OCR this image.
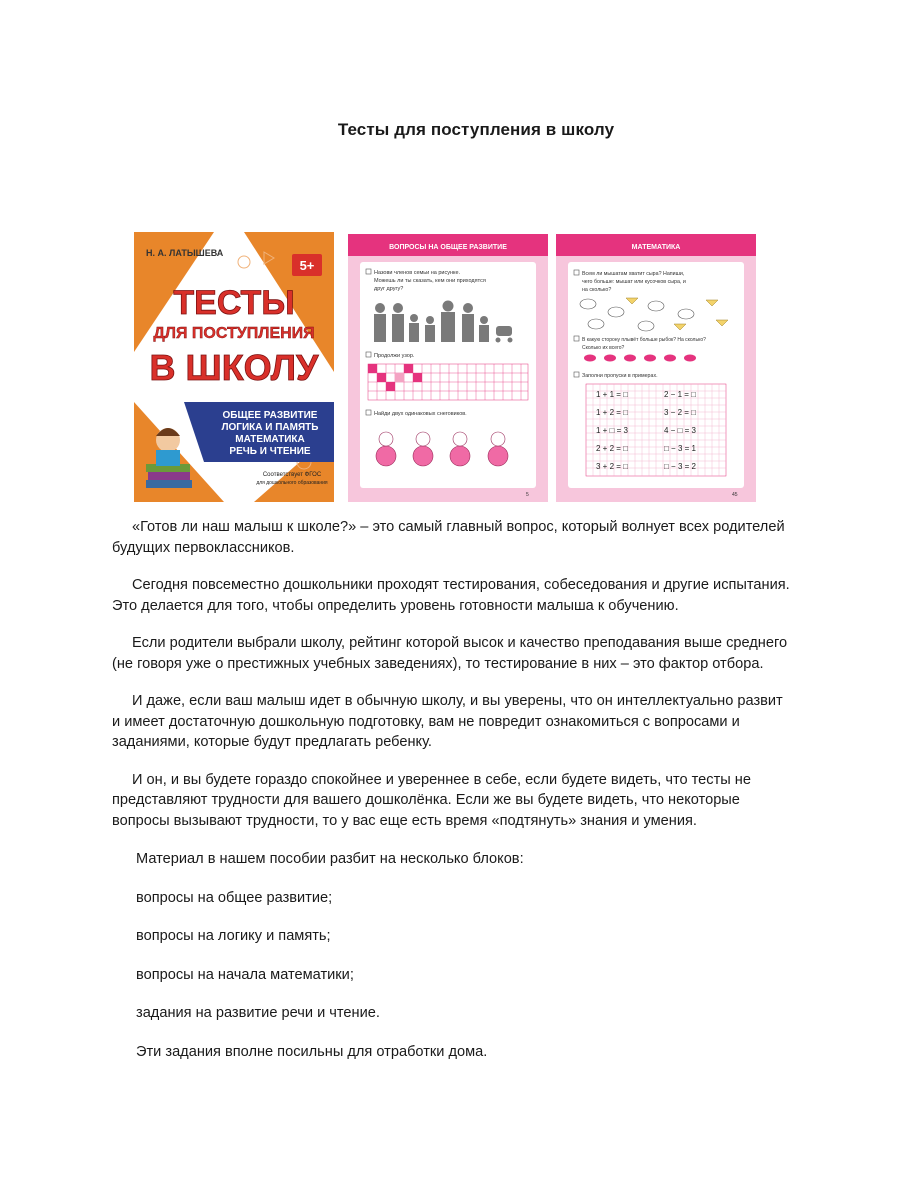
Тесты для поступления в школу
Н. А. ЛАТЫШЕВА
5+
ТЕСТЫ
ДЛЯ ПОСТУПЛЕНИЯ
В ШКОЛУ
ОБЩЕЕ РАЗВИТИЕ
ЛОГИКА И ПАМЯТЬ
МАТЕМАТИКА
РЕЧЬ И ЧТЕНИЕ
Соответствует ФГОС
для дошкольного образования
ВОПРОСЫ НА ОБЩЕЕ РАЗВИТИЕ
Назови членов семьи на рисунке.
Можешь ли ты сказать, кем они приходятся
друг другу?
Продолжи узор.
Найди двух одинаковых снеговиков.
5
МАТЕМАТИКА
Всем ли мышатам хватит сыра? Напиши,
чего больше: мышат или кусочков сыра, и
на сколько?
В какую сторону плывёт больше рыбок? На сколько?
Сколько их всего?
Заполни пропуски в примерах.
1 + 1 = □
1 + 2 = □
1 + □ = 3
2 + 2 = □
3 + 2 = □
2 − 1 = □
3 − 2 = □
4 − □ = 3
□ − 3 = 1
□ − 3 = 2
45

«Готов ли наш малыш к школе?» – это самый главный вопрос, который волнует всех родителей будущих первоклассников.

Сегодня повсеместно дошкольники проходят тестирования, собеседования и другие испытания. Это делается для того, чтобы определить уровень готовности малыша к обучению.

Если родители выбрали школу, рейтинг которой высок и качество преподавания выше среднего (не говоря уже о престижных учебных заведениях), то тестирование в них – это фактор отбора.

И даже, если ваш малыш идет в обычную школу, и вы уверены, что он интеллектуально развит и имеет достаточную дошкольную подготовку, вам не повредит ознакомиться с вопросами и заданиями, которые будут предлагать ребенку.

И он, и вы будете гораздо спокойнее и увереннее в себе, если будете видеть, что тесты не представляют трудности для вашего дошколёнка. Если же вы будете видеть, что некоторые вопросы вызывают трудности, то у вас еще есть время «подтянуть» знания и умения.

Материал в нашем пособии разбит на несколько блоков:

вопросы на общее развитие;

вопросы на логику и память;

вопросы на начала математики;

задания на развитие речи и чтение.

Эти задания вполне посильны для отработки дома.
